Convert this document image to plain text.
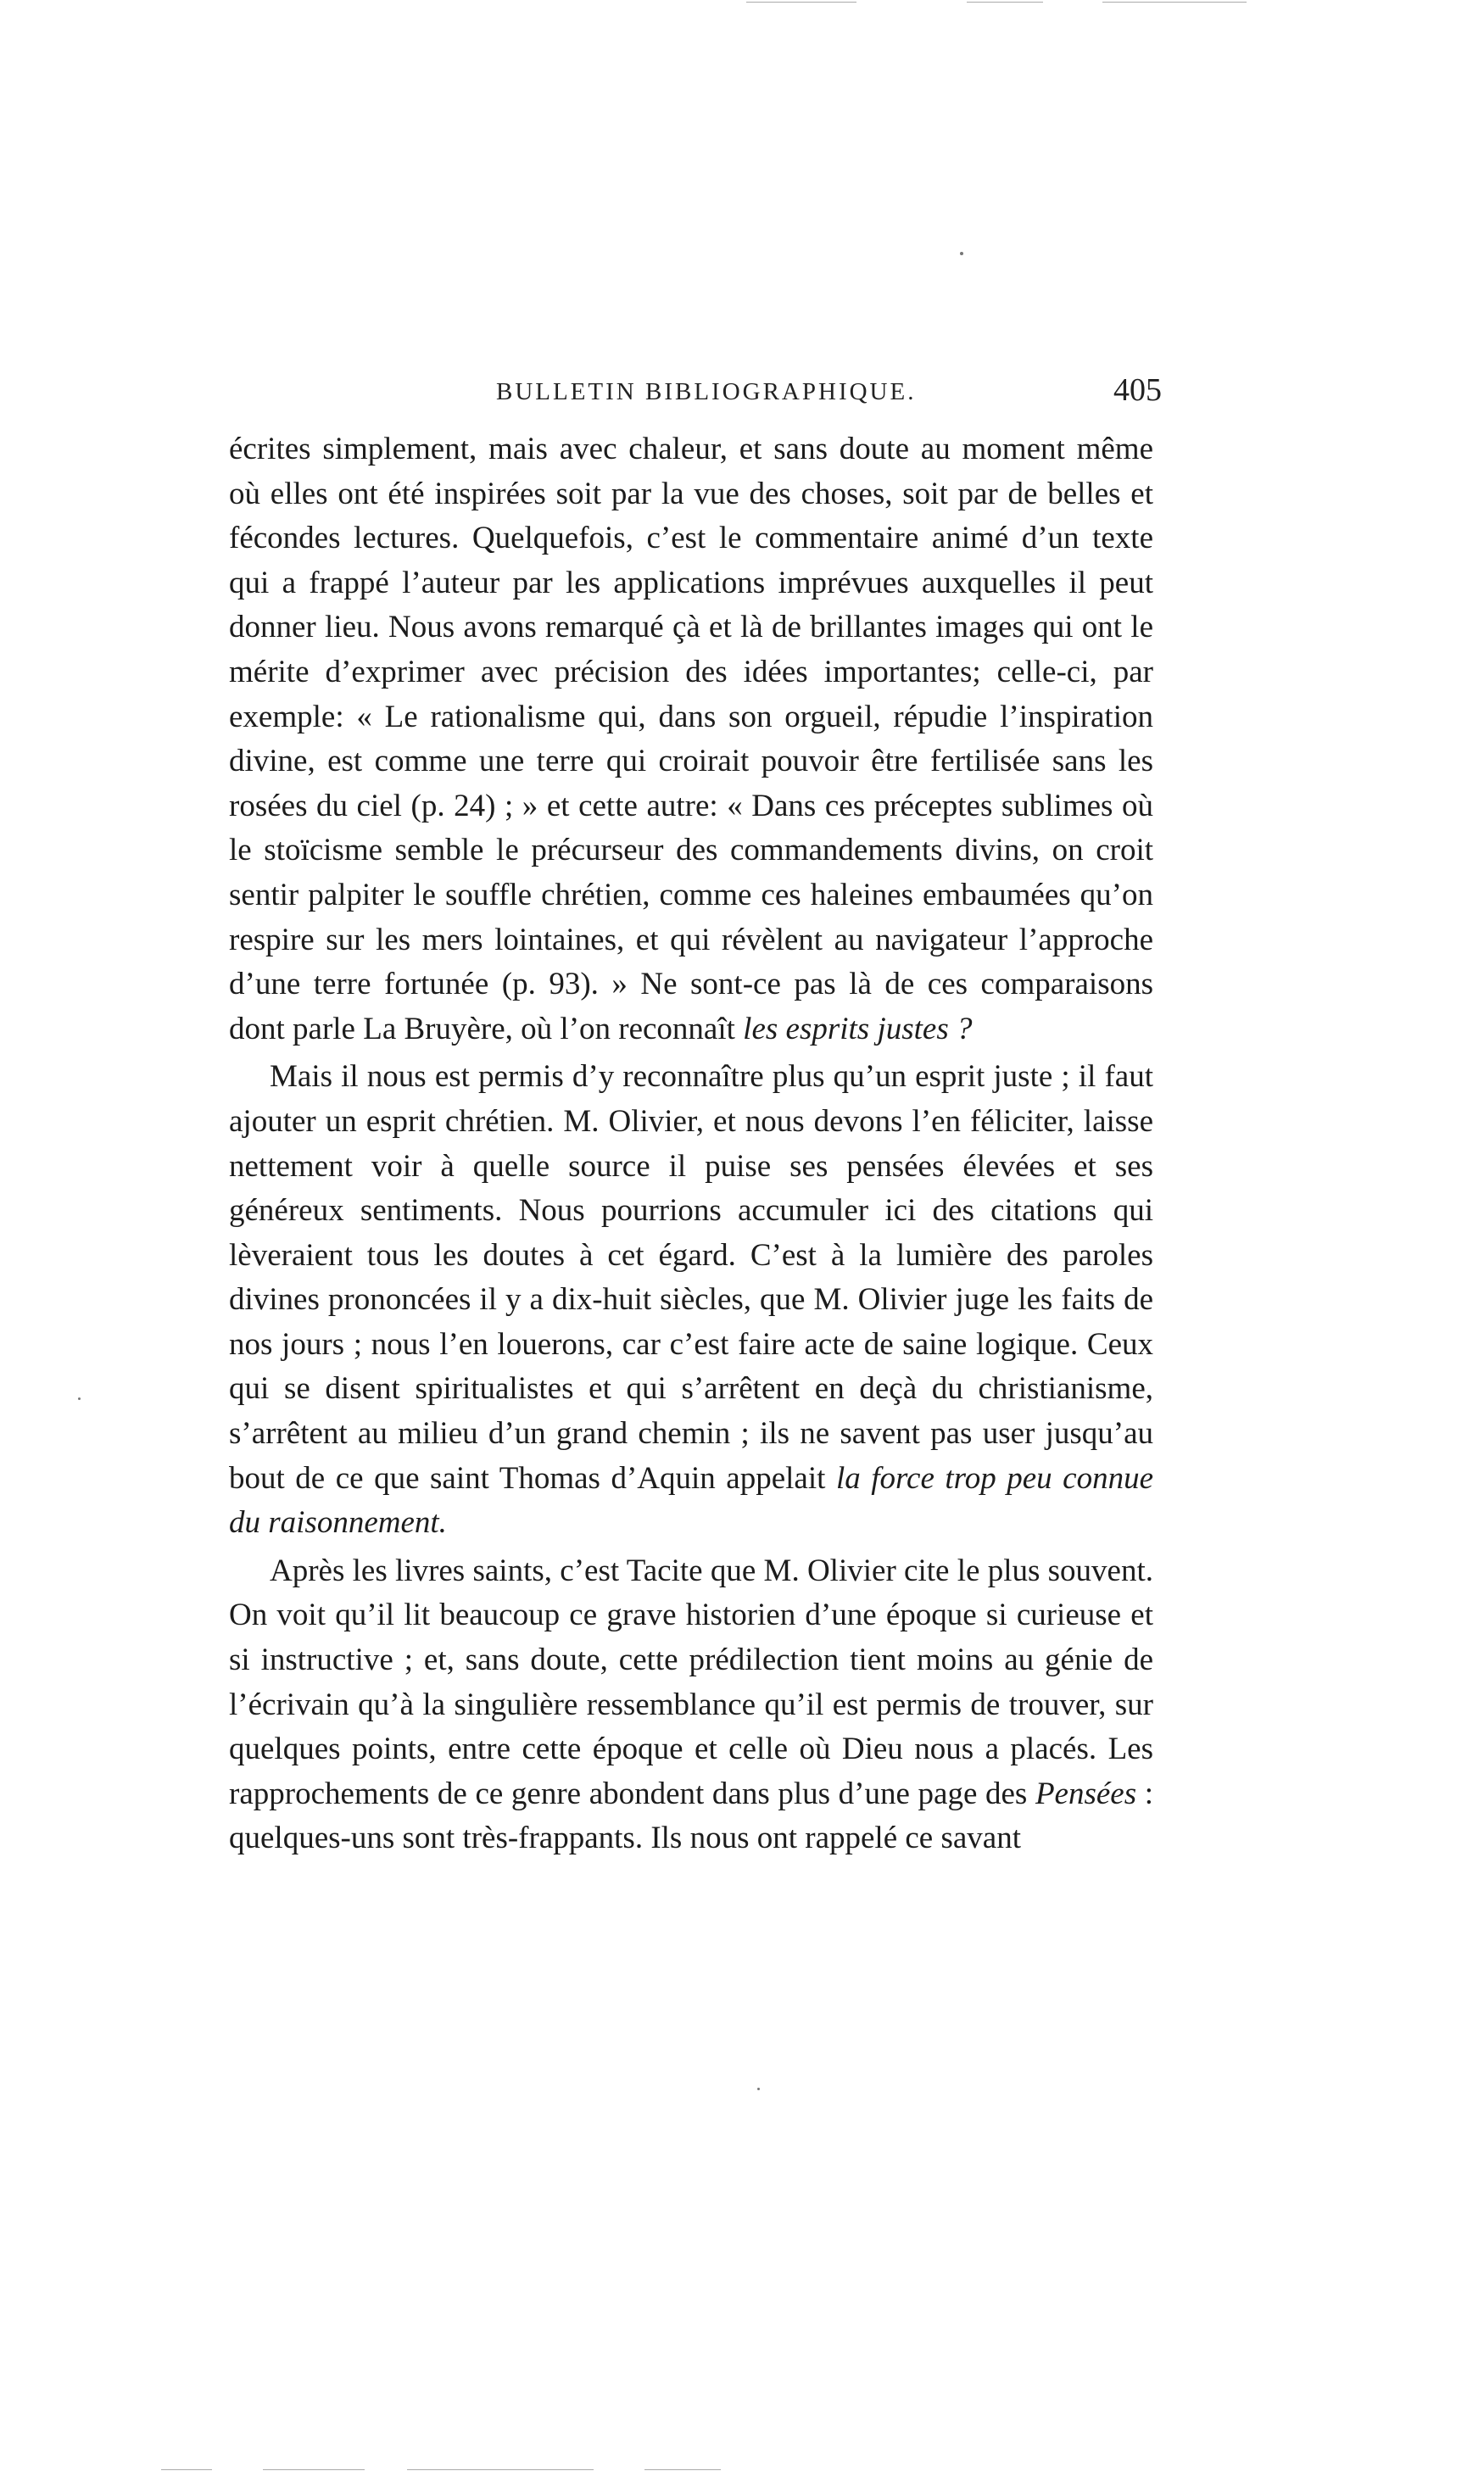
BULLETIN BIBLIOGRAPHIQUE.	405

écrites simplement, mais avec chaleur, et sans doute au moment même où elles ont été inspirées soit par la vue des choses, soit par de belles et fécondes lectures. Quelquefois, c’est le commentaire animé d’un texte qui a frappé l’auteur par les applications imprévues auxquelles il peut donner lieu. Nous avons remarqué çà et là de brillantes images qui ont le mérite d’exprimer avec précision des idées importantes; celle-ci, par exemple: « Le rationalisme qui, dans son orgueil, répudie l’inspiration divine, est comme une terre qui croirait pouvoir être fertilisée sans les rosées du ciel (p. 24) ; » et cette autre: « Dans ces préceptes sublimes où le stoïcisme semble le précurseur des commandements divins, on croit sentir palpiter le souffle chrétien, comme ces haleines embaumées qu’on respire sur les mers lointaines, et qui révèlent au navigateur l’approche d’une terre fortunée (p. 93). » Ne sont-ce pas là de ces comparaisons dont parle La Bruyère, où l’on reconnaît les esprits justes ?

Mais il nous est permis d’y reconnaître plus qu’un esprit juste ; il faut ajouter un esprit chrétien. M. Olivier, et nous devons l’en féliciter, laisse nettement voir à quelle source il puise ses pensées élevées et ses généreux sentiments. Nous pourrions accumuler ici des citations qui lèveraient tous les doutes à cet égard. C’est à la lumière des paroles divines prononcées il y a dix-huit siècles, que M. Olivier juge les faits de nos jours ; nous l’en louerons, car c’est faire acte de saine logique. Ceux qui se disent spiritualistes et qui s’arrêtent en deçà du christianisme, s’arrêtent au milieu d’un grand chemin ; ils ne savent pas user jusqu’au bout de ce que saint Thomas d’Aquin appelait la force trop peu connue du raisonnement.

Après les livres saints, c’est Tacite que M. Olivier cite le plus souvent. On voit qu’il lit beaucoup ce grave historien d’une époque si curieuse et si instructive ; et, sans doute, cette prédilection tient moins au génie de l’écrivain qu’à la singulière ressemblance qu’il est permis de trouver, sur quelques points, entre cette époque et celle où Dieu nous a placés. Les rapprochements de ce genre abondent dans plus d’une page des Pensées : quelques-uns sont très-frappants. Ils nous ont rappelé ce savant
